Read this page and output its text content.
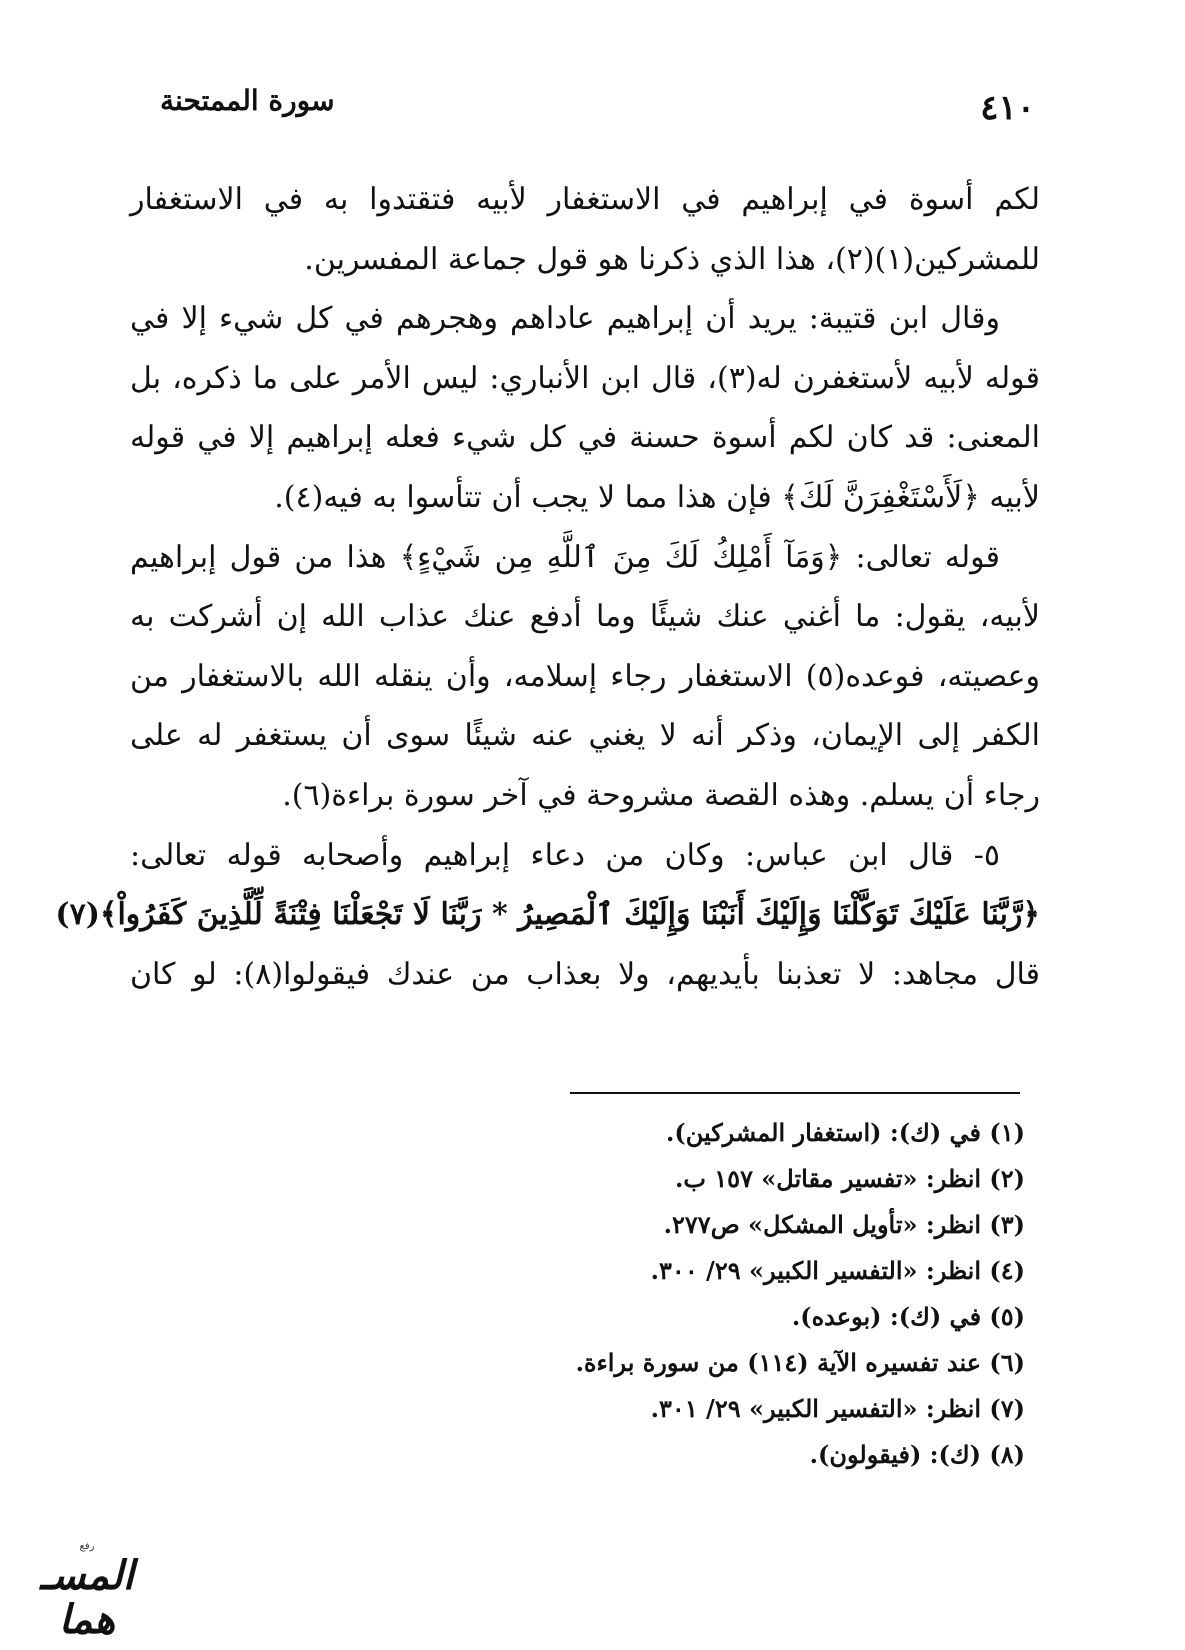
٤١٠
سورة الممتحنة
لكم أسوة في إبراهيم في الاستغفار لأبيه فتقتدوا به في الاستغفار
للمشركين(١)(٢)، هذا الذي ذكرنا هو قول جماعة المفسرين.
وقال ابن قتيبة: يريد أن إبراهيم عاداهم وهجرهم في كل شيء إلا في
قوله لأبيه لأستغفرن له(٣)، قال ابن الأنباري: ليس الأمر على ما ذكره، بل
المعنى: قد كان لكم أسوة حسنة في كل شيء فعله إبراهيم إلا في قوله
لأبيه ﴿لَأَسْتَغْفِرَنَّ لَكَ﴾ فإن هذا مما لا يجب أن تتأسوا به فيه(٤).
قوله تعالى: ﴿وَمَآ أَمْلِكُ لَكَ مِنَ ٱللَّهِ مِن شَيْءٍ﴾ هذا من قول إبراهيم
لأبيه، يقول: ما أغني عنك شيئًا وما أدفع عنك عذاب الله إن أشركت به
وعصيته، فوعده(٥) الاستغفار رجاء إسلامه، وأن ينقله الله بالاستغفار من
الكفر إلى الإيمان، وذكر أنه لا يغني عنه شيئًا سوى أن يستغفر له على
رجاء أن يسلم. وهذه القصة مشروحة في آخر سورة براءة(٦).
٥- قال ابن عباس: وكان من دعاء إبراهيم وأصحابه قوله تعالى:
﴿رَّبَّنَا عَلَيْكَ تَوَكَّلْنَا وَإِلَيْكَ أَنَبْنَا وَإِلَيْكَ ٱلْمَصِيرُ * رَبَّنَا لَا تَجْعَلْنَا فِتْنَةً لِّلَّذِينَ كَفَرُواْ﴾(٧)
قال مجاهد: لا تعذبنا بأيديهم، ولا بعذاب من عندك فيقولوا(٨): لو كان
(١) في (ك): (استغفار المشركين).
(٢) انظر: «تفسير مقاتل» ١٥٧ ب.
(٣) انظر: «تأويل المشكل» ص٢٧٧.
(٤) انظر: «التفسير الكبير» ٢٩/ ٣٠٠.
(٥) في (ك): (بوعده).
(٦) عند تفسيره الآية (١١٤) من سورة براءة.
(٧) انظر: «التفسير الكبير» ٢٩/ ٣٠١.
(٨) (ك): (فيقولون).
رفع
المسـ هما
